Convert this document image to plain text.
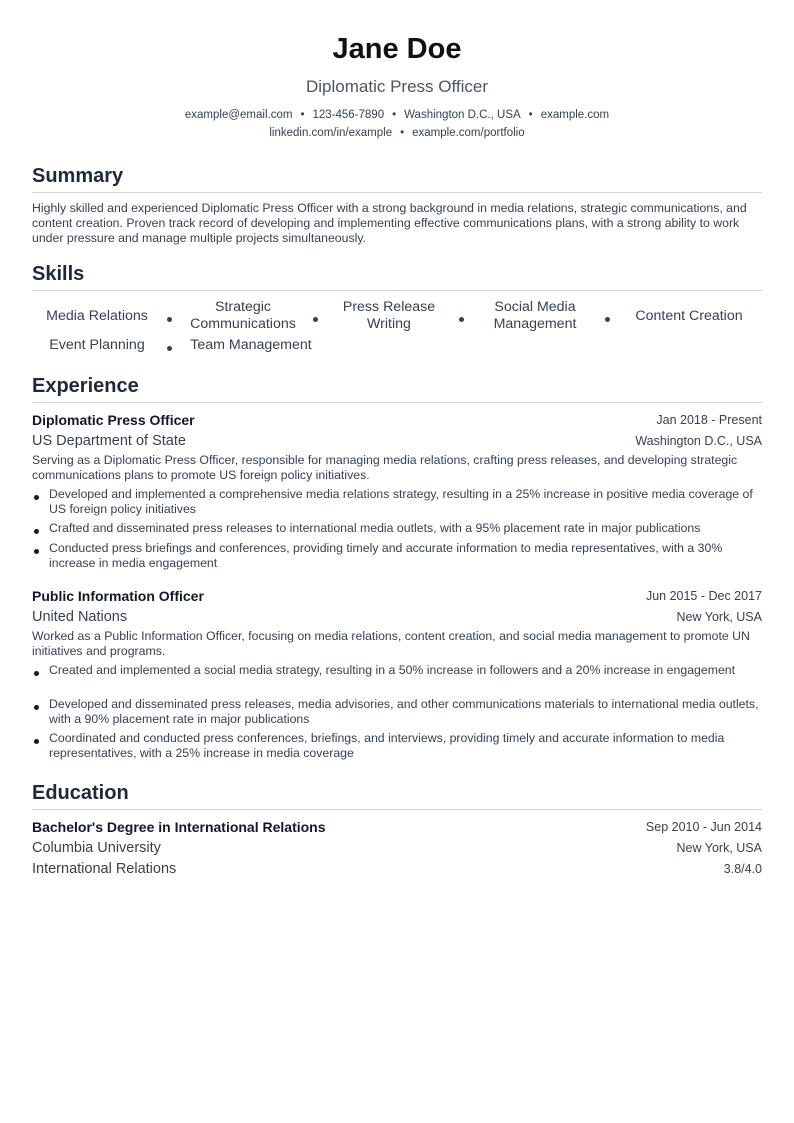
Jane Doe
Diplomatic Press Officer
example@email.com • 123-456-7890 • Washington D.C., USA • example.com
linkedin.com/in/example • example.com/portfolio
Summary
Highly skilled and experienced Diplomatic Press Officer with a strong background in media relations, strategic communications, and content creation. Proven track record of developing and implementing effective communications plans, with a strong ability to work under pressure and manage multiple projects simultaneously.
Skills
Media Relations
Strategic Communications
Press Release Writing
Social Media Management	Content Creation
Event Planning	Team Management
Experience
Diplomatic Press Officer	Jan 2018 - Present
US Department of State	Washington D.C., USA
Serving as a Diplomatic Press Officer, responsible for managing media relations, crafting press releases, and developing strategic communications plans to promote US foreign policy initiatives.
Developed and implemented a comprehensive media relations strategy, resulting in a 25% increase in positive media coverage of US foreign policy initiatives
Crafted and disseminated press releases to international media outlets, with a 95% placement rate in major publications
Conducted press briefings and conferences, providing timely and accurate information to media representatives, with a 30% increase in media engagement
Public Information Officer	Jun 2015 - Dec 2017
United Nations	New York, USA
Worked as a Public Information Officer, focusing on media relations, content creation, and social media management to promote UN initiatives and programs.
Created and implemented a social media strategy, resulting in a 50% increase in followers and a 20% increase in engagement
Developed and disseminated press releases, media advisories, and other communications materials to international media outlets, with a 90% placement rate in major publications
Coordinated and conducted press conferences, briefings, and interviews, providing timely and accurate information to media representatives, with a 25% increase in media coverage
Education
Bachelor's Degree in International Relations	Sep 2010 - Jun 2014
Columbia University	New York, USA
International Relations	3.8/4.0
